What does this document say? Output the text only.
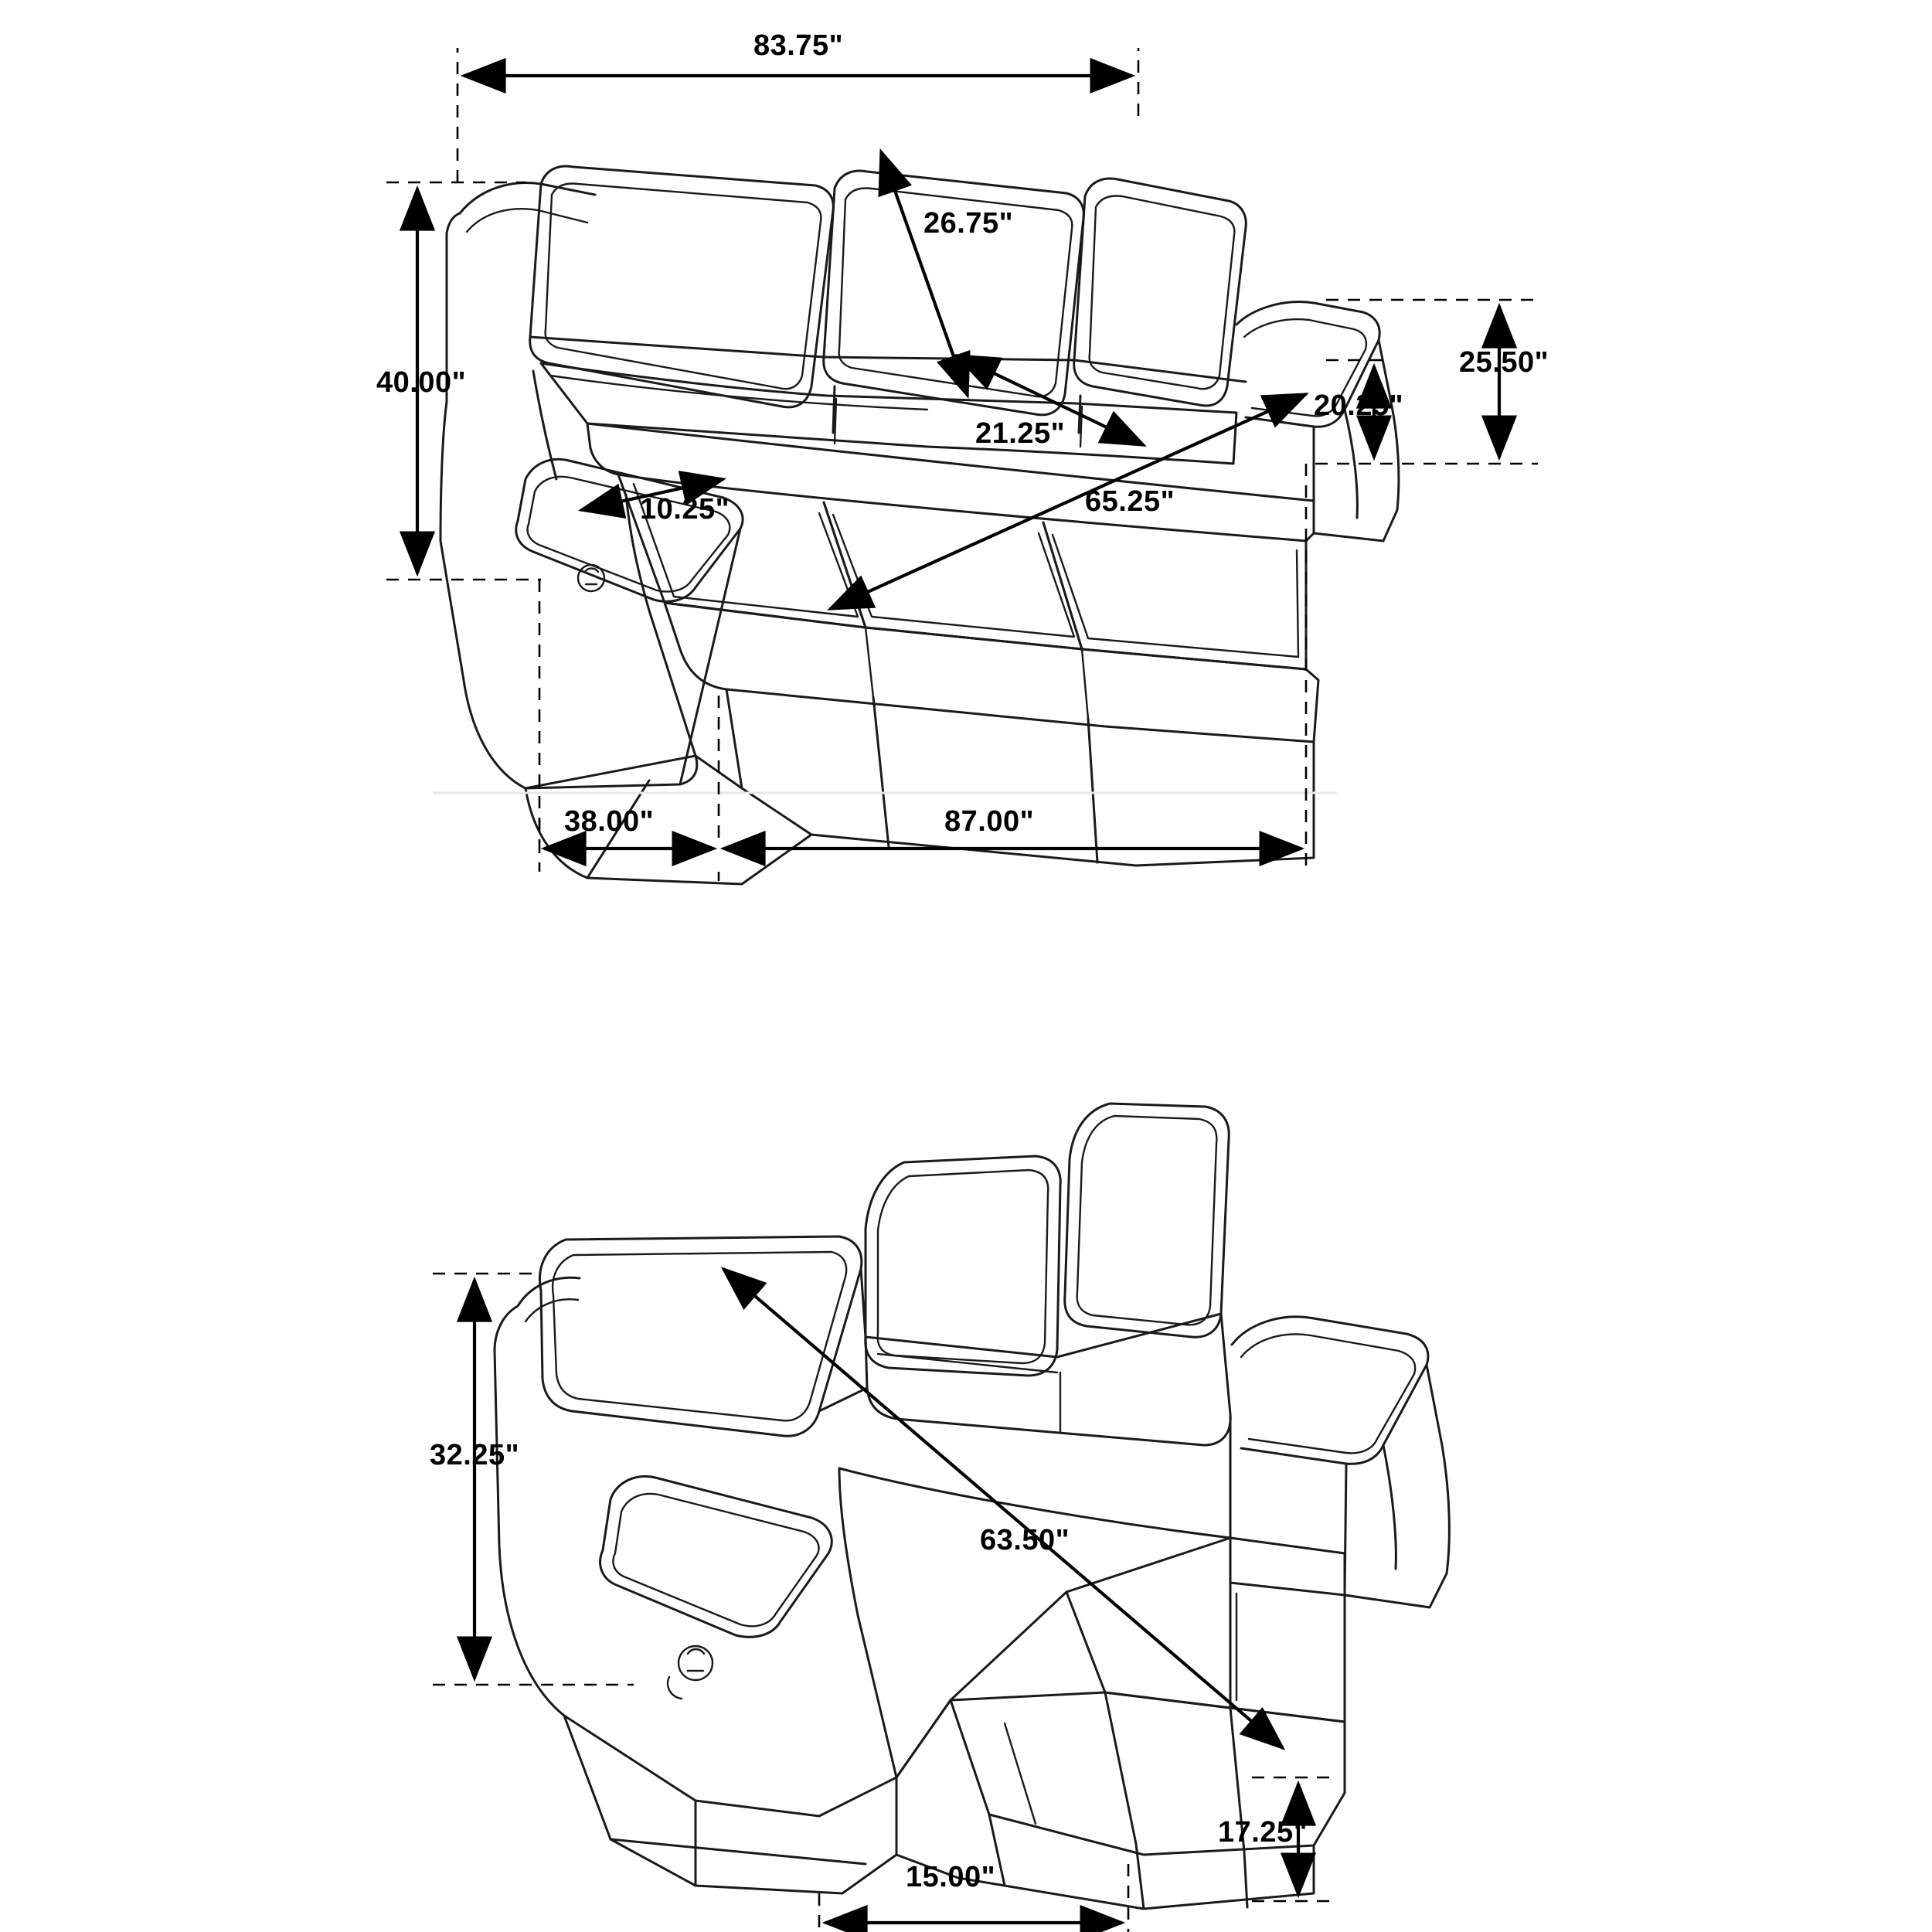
83.75"
26.75"
40.00"
21.25"
10.25"	65.25"
25.50"
20.25"
38.00"	87.00"
32.25"
63.50"
17.25"
15.00"
